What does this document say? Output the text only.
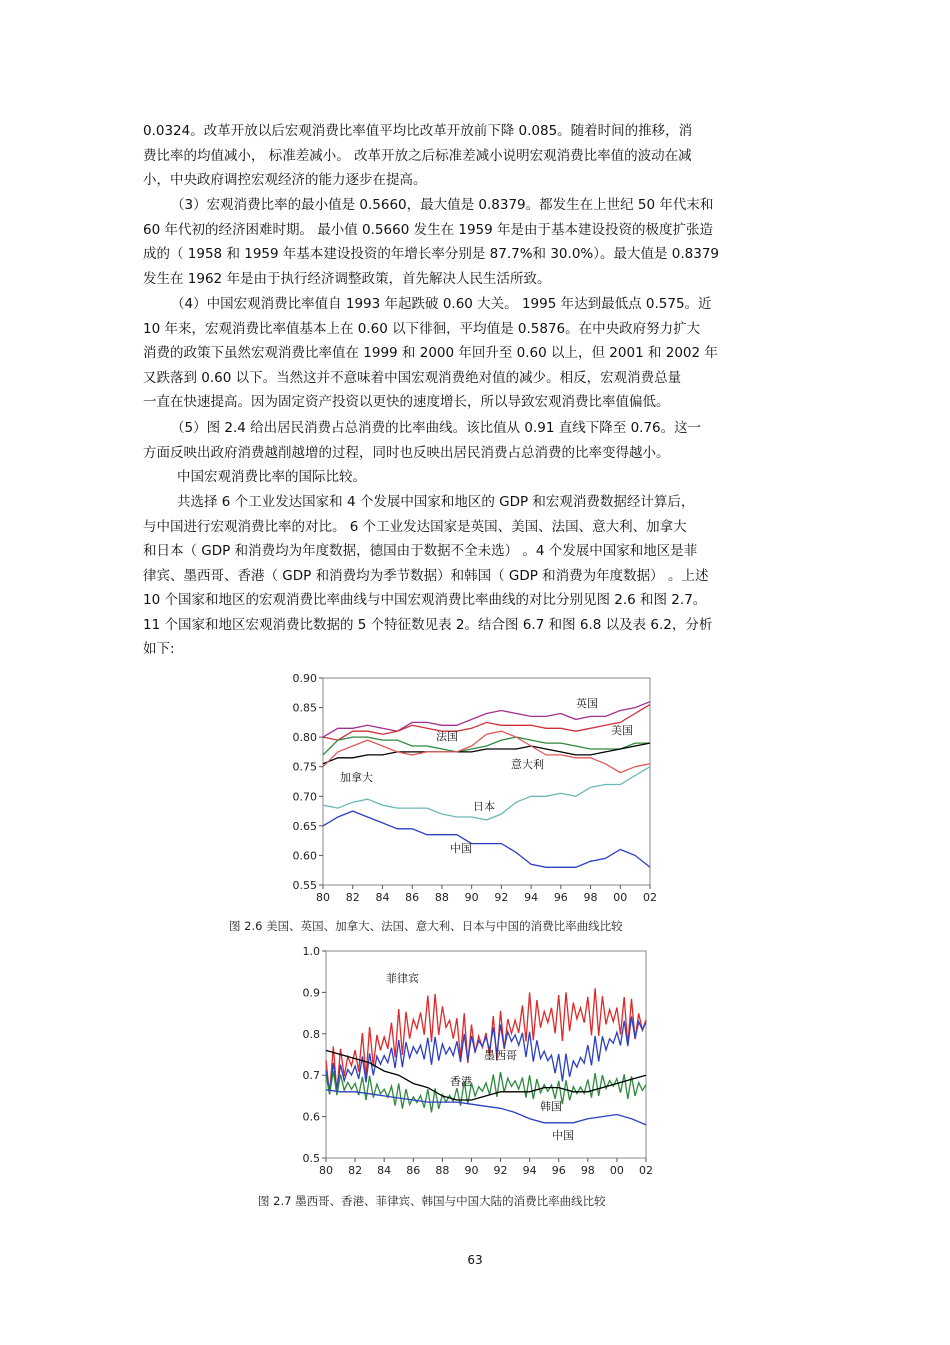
0.0324。改革开放以后宏观消费比率值平均比改革开放前下降 0.085。随着时间的推移，消
费比率的均值减小， 标准差减小。 改革开放之后标准差减小说明宏观消费比率值的波动在减
小，中央政府调控宏观经济的能力逐步在提高。
（3）宏观消费比率的最小值是 0.5660，最大值是 0.8379。都发生在上世纪 50 年代末和
60 年代初的经济困难时期。 最小值 0.5660 发生在 1959 年是由于基本建设投资的极度扩张造
成的（ 1958 和 1959 年基本建设投资的年增长率分别是 87.7%和 30.0%）。最大值是 0.8379
发生在 1962 年是由于执行经济调整政策，首先解决人民生活所致。
（4）中国宏观消费比率值自 1993 年起跌破 0.60 大关。 1995 年达到最低点 0.575。近
10 年来，宏观消费比率值基本上在 0.60 以下徘徊，平均值是 0.5876。在中央政府努力扩大
消费的政策下虽然宏观消费比率值在 1999 和 2000 年回升至 0.60 以上，但 2001 和 2002 年
又跌落到 0.60 以下。当然这并不意味着中国宏观消费绝对值的减少。相反，宏观消费总量
一直在快速提高。因为固定资产投资以更快的速度增长，所以导致宏观消费比率值偏低。
（5）图 2.4 给出居民消费占总消费的比率曲线。该比值从 0.91 直线下降至 0.76。这一
方面反映出政府消费越削越增的过程，同时也反映出居民消费占总消费的比率变得越小。
中国宏观消费比率的国际比较。
共选择 6 个工业发达国家和 4 个发展中国家和地区的 GDP 和宏观消费数据经计算后，
与中国进行宏观消费比率的对比。 6 个工业发达国家是英国、美国、法国、意大利、加拿大
和日本（ GDP 和消费均为年度数据，德国由于数据不全未选） 。4 个发展中国家和地区是菲
律宾、墨西哥、香港（ GDP 和消费均为季节数据）和韩国（ GDP 和消费为年度数据） 。上述
10 个国家和地区的宏观消费比率曲线与中国宏观消费比率曲线的对比分别见图 2.6 和图 2.7。
11 个国家和地区宏观消费比数据的 5 个特征数见表 2。结合图 6.7 和图 6.8 以及表 6.2，分析
如下:
0.90
0.85
0.80
0.75
0.70
0.65
0.60
0.55
80 82 84 86 88 90 92 94 96 98 00 02
英国
美国
法国
意大利
加拿大
日本
中国
图 2.6 美国、英国、加拿大、法国、意大利、日本与中国的消费比率曲线比较
1.0
0.9
0.8
0.7
0.6
0.5
80 82 84 86 88 90 92 94 96 98 00 02
菲律宾
墨西哥
香港
韩国
中国
图 2.7 墨西哥、香港、菲律宾、韩国与中国大陆的消费比率曲线比较
63
